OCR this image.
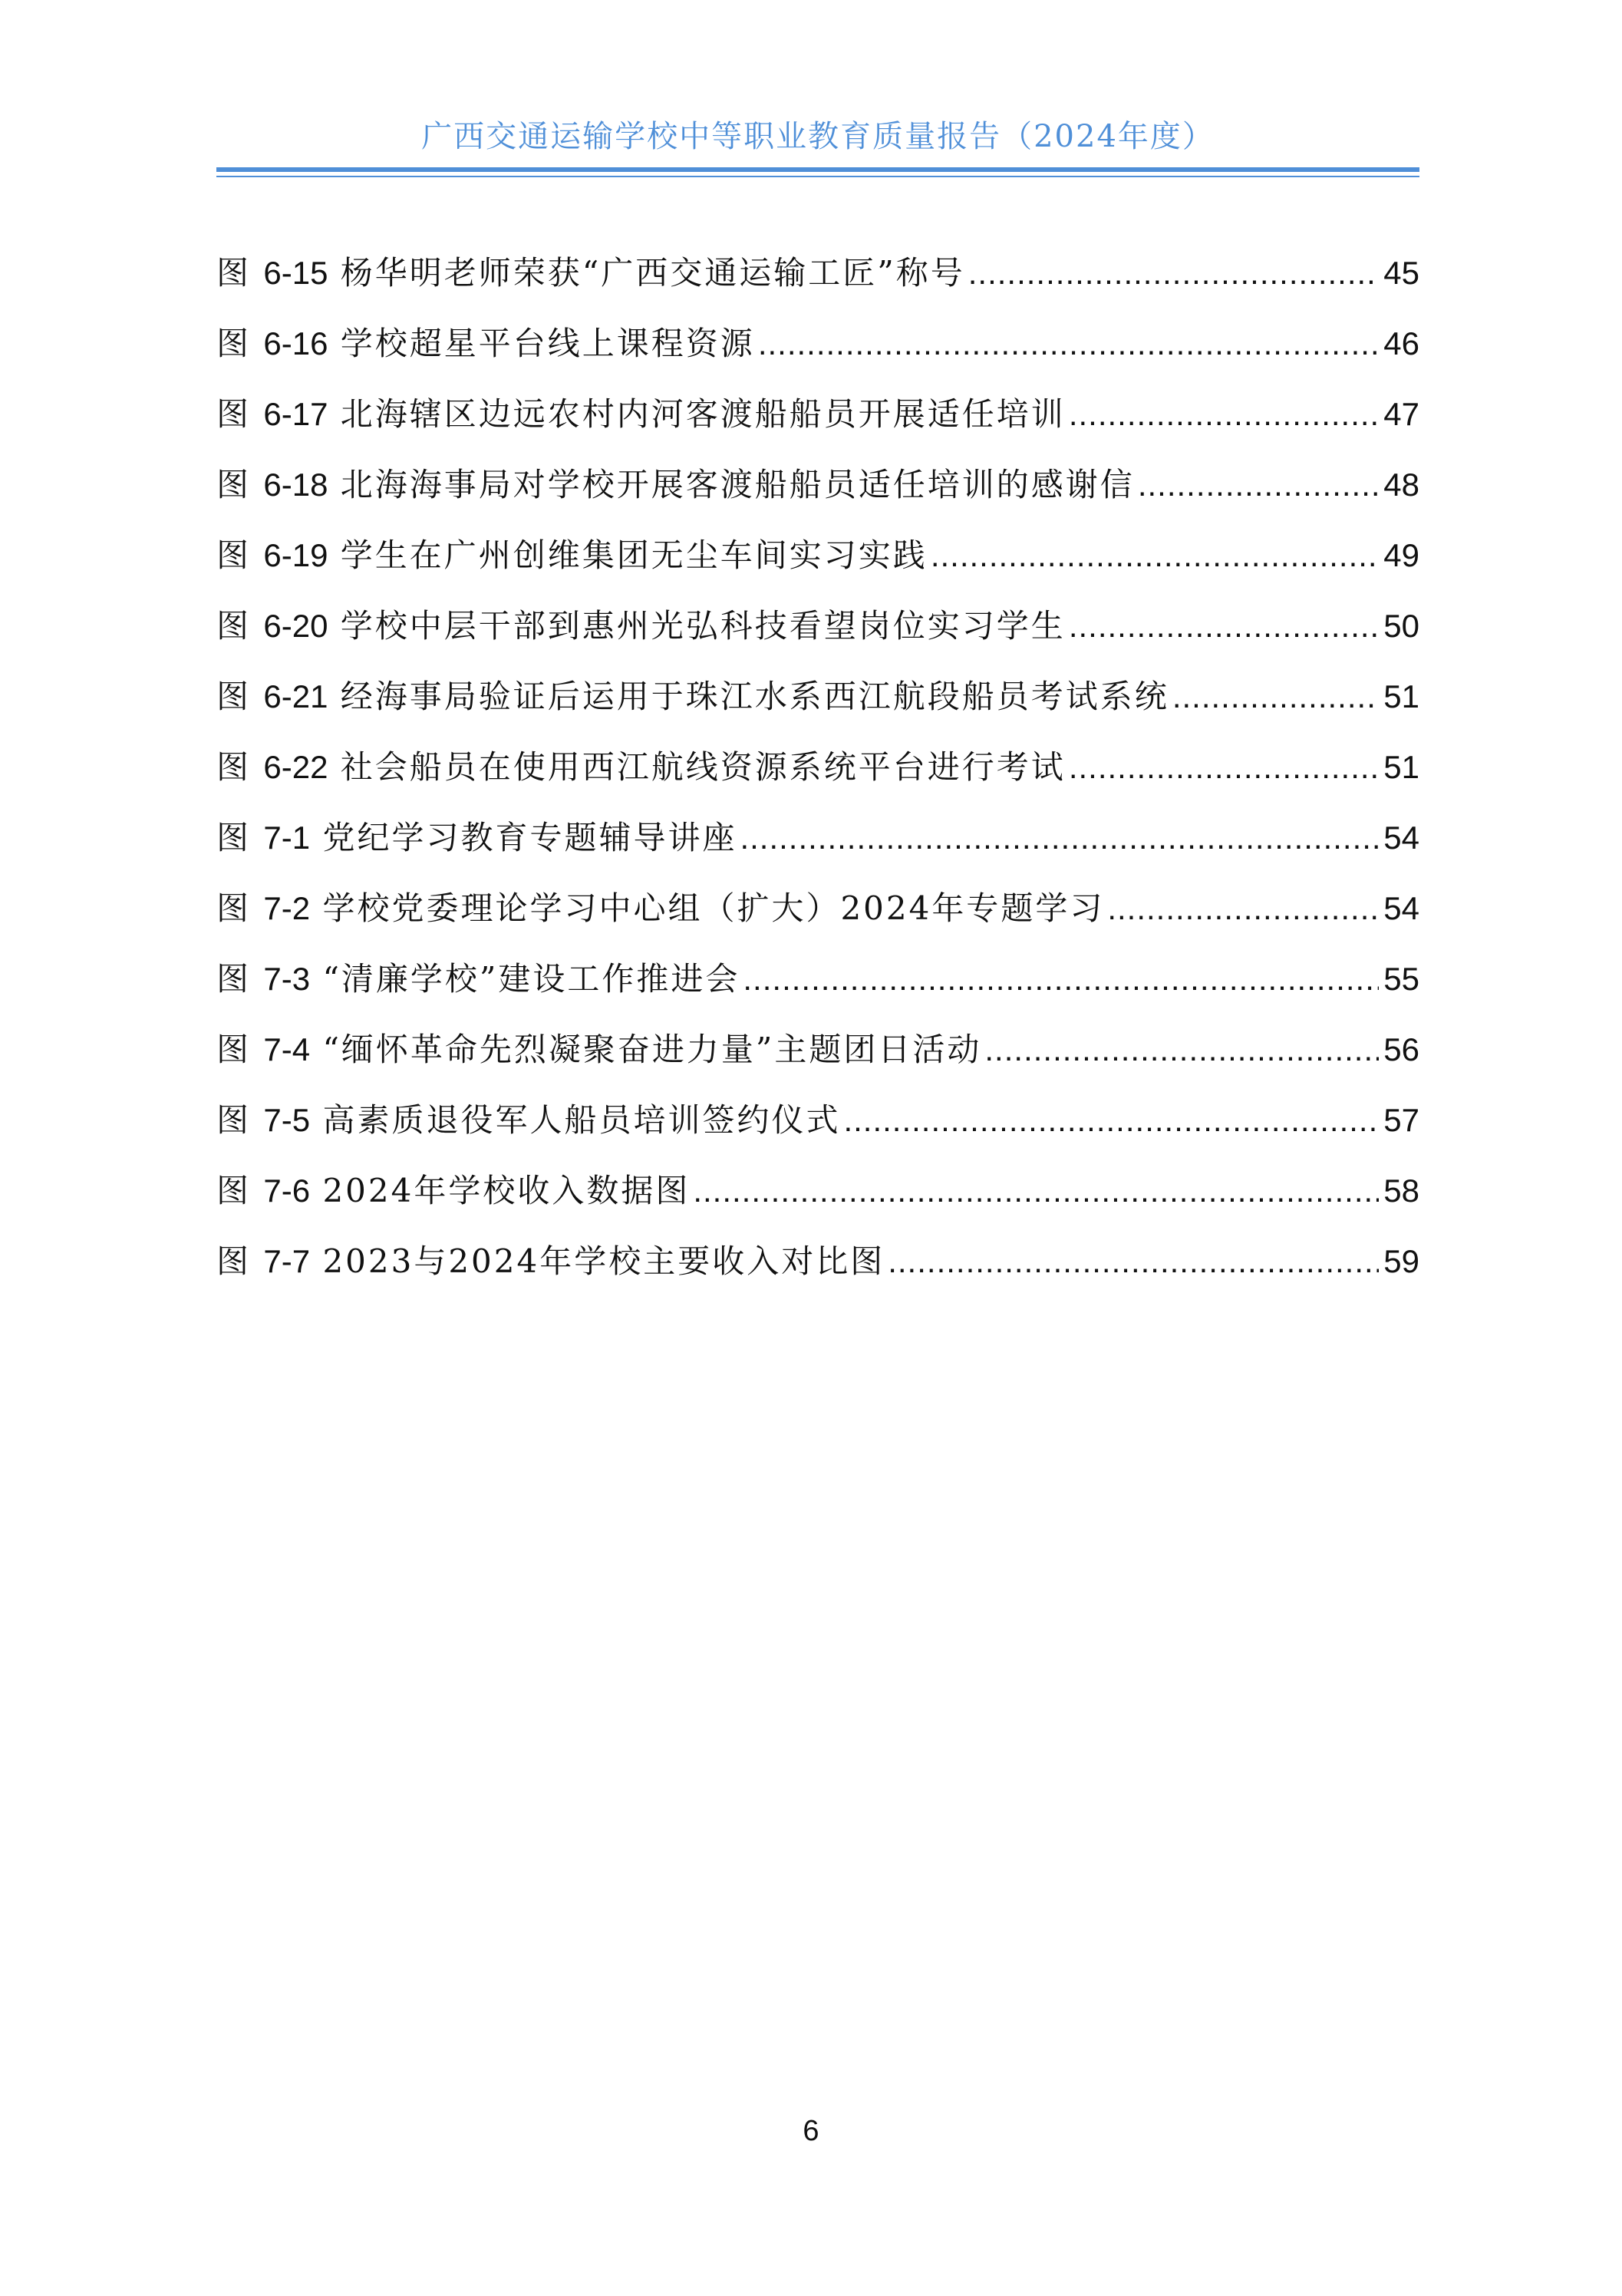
广西交通运输学校中等职业教育质量报告（2024年度）
图 6-15 杨华明老师荣获“广西交通运输工匠”称号 .....	45
图 6-16 学校超星平台线上课程资源 .....	46
图 6-17 北海辖区边远农村内河客渡船船员开展适任培训 .....	47
图 6-18 北海海事局对学校开展客渡船船员适任培训的感谢信 .....	48
图 6-19 学生在广州创维集团无尘车间实习实践 .....	49
图 6-20 学校中层干部到惠州光弘科技看望岗位实习学生 .....	50
图 6-21 经海事局验证后运用于珠江水系西江航段船员考试系统 .....	51
图 6-22 社会船员在使用西江航线资源系统平台进行考试 .....	51
图 7-1 党纪学习教育专题辅导讲座 .....	54
图 7-2 学校党委理论学习中心组（扩大）2024年专题学习 .....	54
图 7-3 “清廉学校”建设工作推进会 .....	55
图 7-4 “缅怀革命先烈凝聚奋进力量”主题团日活动 .....	56
图 7-5 高素质退役军人船员培训签约仪式 .....	57
图 7-6 2024年学校收入数据图 .....	58
图 7-7 2023与2024年学校主要收入对比图 .....	59
6
